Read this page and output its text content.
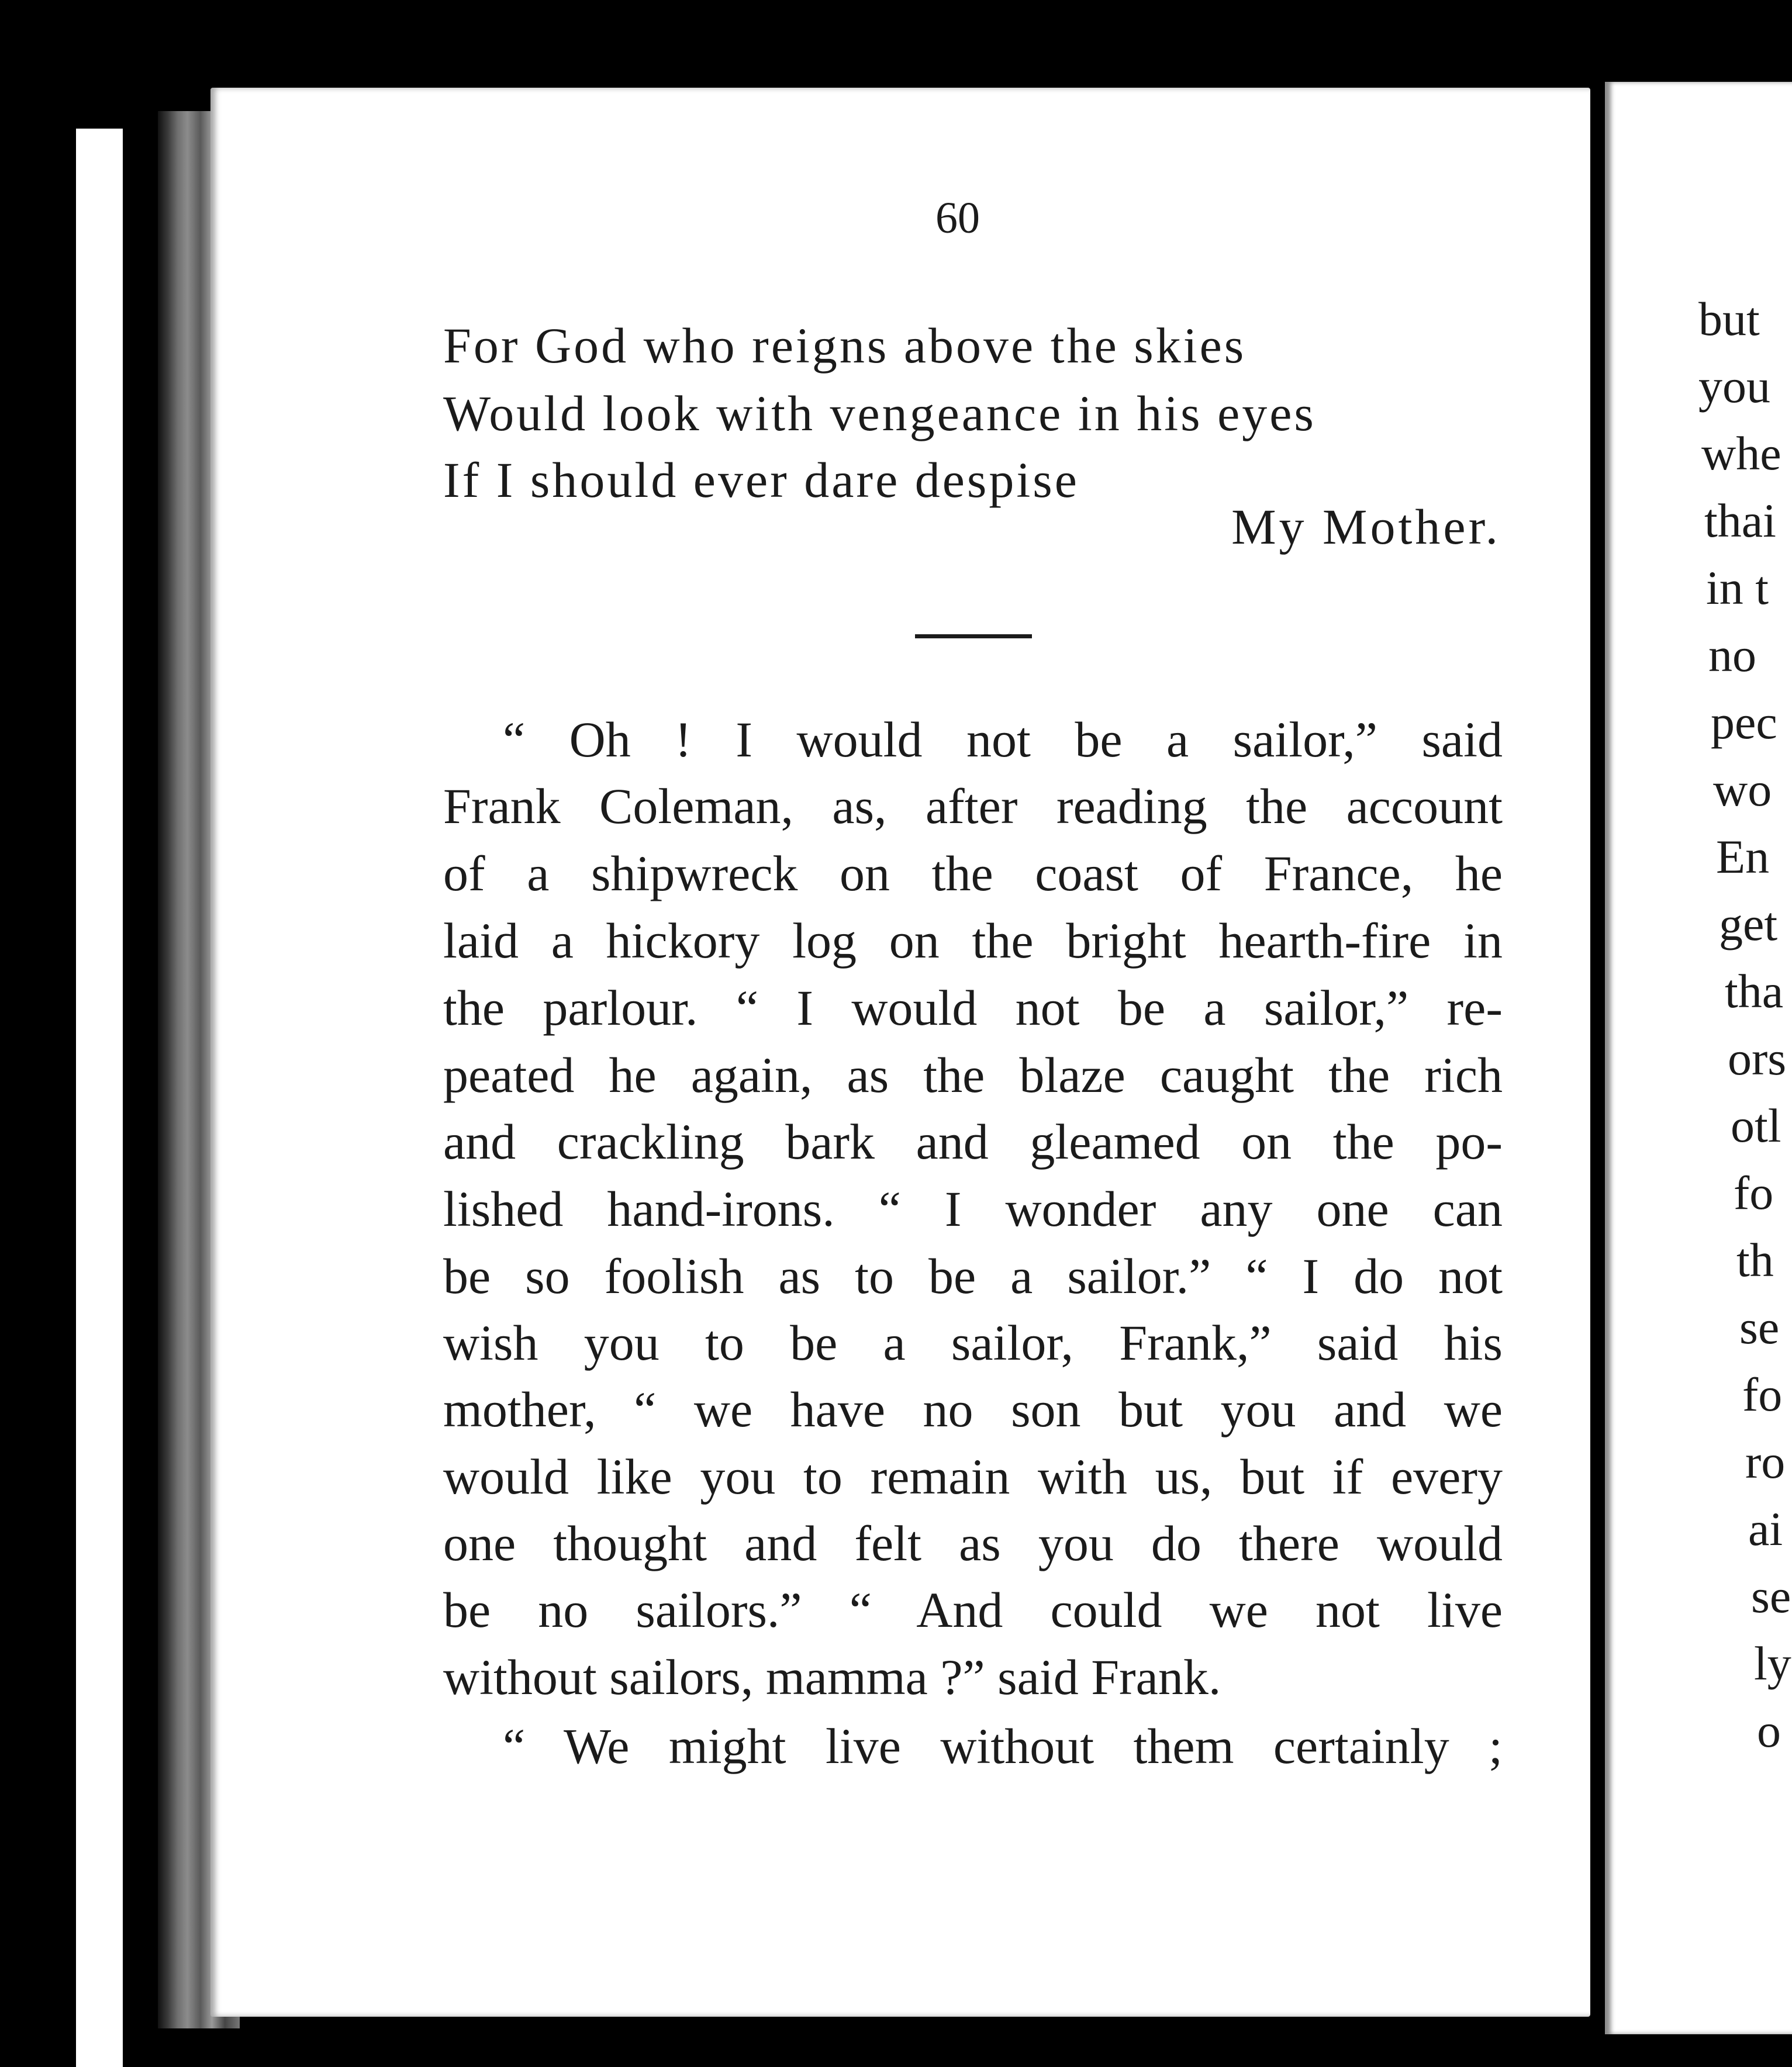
60
For God who reigns above the skies
Would look with vengeance in his eyes
If I should ever dare despise
My Mother.
“ Oh ! I would not be a sailor,” said
Frank Coleman, as, after reading the account
of a shipwreck on the coast of France, he
laid a hickory log on the bright hearth-fire in
the parlour. “ I would not be a sailor,” re-
peated he again, as the blaze caught the rich
and crackling bark and gleamed on the po-
lished hand-irons. “ I wonder any one can
be so foolish as to be a sailor.” “ I do not
wish you to be a sailor, Frank,” said his
mother, “ we have no son but you and we
would like you to remain with us, but if every
one thought and felt as you do there would
be no sailors.” “ And could we not live
without sailors, mamma ?” said Frank.
“ We might live without them certainly ;
but
you
whe
thai
in t
no
pec
wo
En
get
tha
ors
otl
fo
th
se
fo
ro
ai
se
ly
o
